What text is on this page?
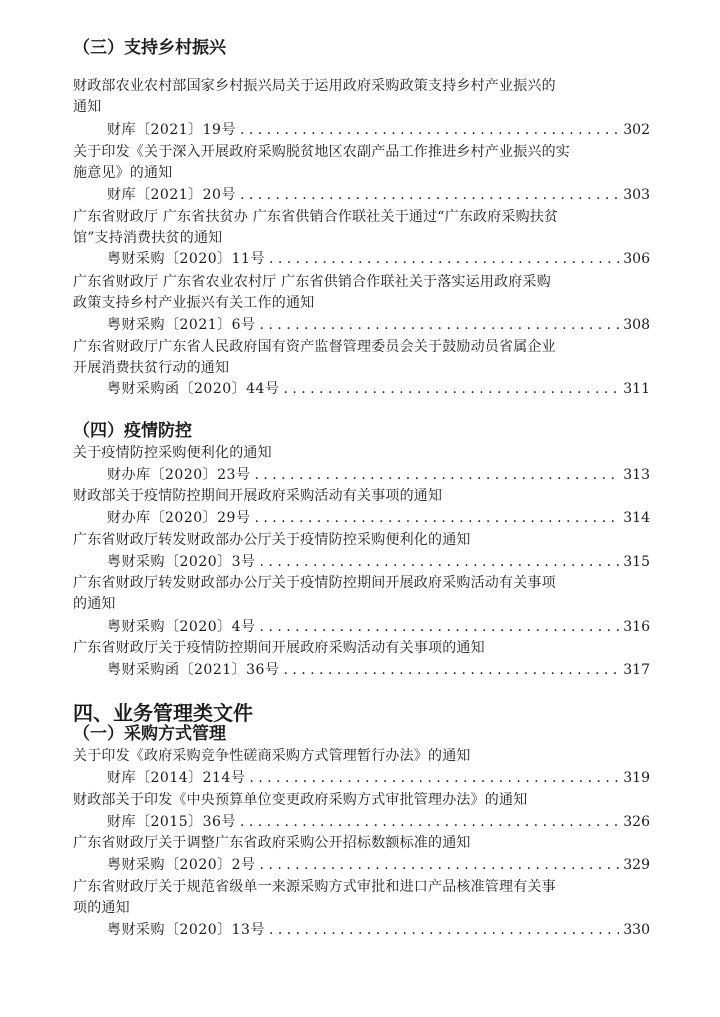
（三）支持乡村振兴
财政部农业农村部国家乡村振兴局关于运用政府采购政策支持乡村产业振兴的
通知
财库〔2021〕19号 . . .	302
关于印发《关于深入开展政府采购脱贫地区农副产品工作推进乡村产业振兴的实
施意见》的通知
财库〔2021〕20号 . . .	303
广东省财政厅 广东省扶贫办 广东省供销合作联社关于通过“广东政府采购扶贫
馆”支持消费扶贫的通知
粤财采购〔2020〕11号 . . .	306
广东省财政厅 广东省农业农村厅 广东省供销合作联社关于落实运用政府采购
政策支持乡村产业振兴有关工作的通知
粤财采购〔2021〕6号 . . .	308
广东省财政厅广东省人民政府国有资产监督管理委员会关于鼓励动员省属企业
开展消费扶贫行动的通知
粤财采购函〔2020〕44号 . . .	311
（四）疫情防控
关于疫情防控采购便利化的通知
财办库〔2020〕23号 . . .	313
财政部关于疫情防控期间开展政府采购活动有关事项的通知
财办库〔2020〕29号 . . .	314
广东省财政厅转发财政部办公厅关于疫情防控采购便利化的通知
粤财采购〔2020〕3号 . . .	315
广东省财政厅转发财政部办公厅关于疫情防控期间开展政府采购活动有关事项
的通知
粤财采购〔2020〕4号 . . .	316
广东省财政厅关于疫情防控期间开展政府采购活动有关事项的通知
粤财采购函〔2021〕36号 . . .	317
四、业务管理类文件
（一）采购方式管理
关于印发《政府采购竞争性磋商采购方式管理暂行办法》的通知
财库〔2014〕214号 . . .	319
财政部关于印发《中央预算单位变更政府采购方式审批管理办法》的通知
财库〔2015〕36号 . . .	326
广东省财政厅关于调整广东省政府采购公开招标数额标准的通知
粤财采购〔2020〕2号 . . .	329
广东省财政厅关于规范省级单一来源采购方式审批和进口产品核准管理有关事
项的通知
粤财采购〔2020〕13号 . . .	330
